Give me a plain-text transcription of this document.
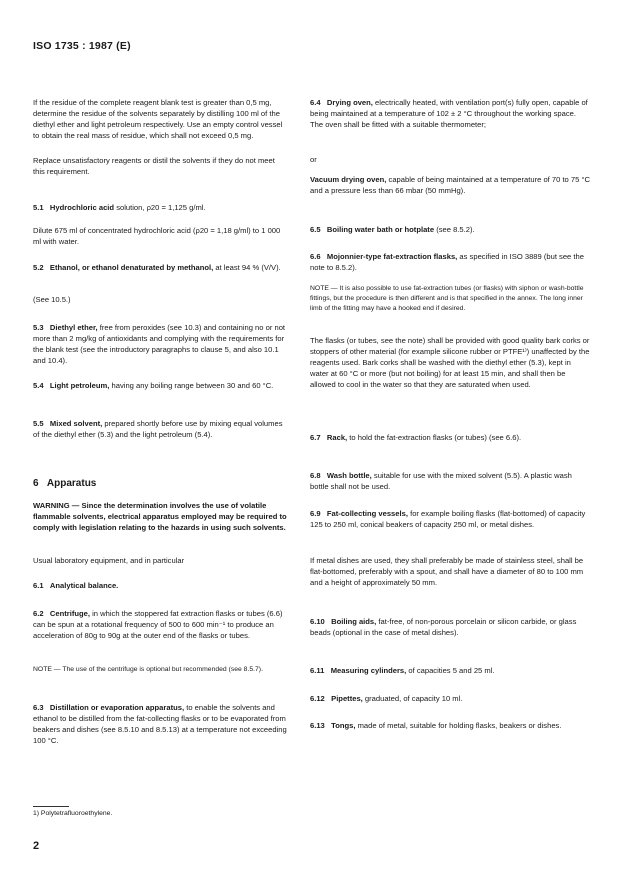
ISO 1735 : 1987 (E)

If the residue of the complete reagent blank test is greater than 0,5 mg, determine the residue of the solvents separately by distilling 100 ml of the diethyl ether and light petroleum respectively. Use an empty control vessel to obtain the real mass of residue, which shall not exceed 0,5 mg.

Replace unsatisfactory reagents or distil the solvents if they do not meet this requirement.

5.1 Hydrochloric acid solution, ρ20 = 1,125 g/ml.

Dilute 675 ml of concentrated hydrochloric acid (ρ20 = 1,18 g/ml) to 1 000 ml with water.

5.2 Ethanol, or ethanol denaturated by methanol, at least 94 % (V/V).

(See 10.5.)

5.3 Diethyl ether, free from peroxides (see 10.3) and containing no or not more than 2 mg/kg of antioxidants and complying with the requirements for the blank test (see the introductory paragraphs to clause 5, and also 10.1 and 10.4).

5.4 Light petroleum, having any boiling range between 30 and 60 °C.

5.5 Mixed solvent, prepared shortly before use by mixing equal volumes of the diethyl ether (5.3) and the light petroleum (5.4).

6 Apparatus

WARNING — Since the determination involves the use of volatile flammable solvents, electrical apparatus employed may be required to comply with legislation relating to the hazards in using such solvents.

Usual laboratory equipment, and in particular

6.1 Analytical balance.

6.2 Centrifuge, in which the stoppered fat extraction flasks or tubes (6.6) can be spun at a rotational frequency of 500 to 600 min⁻¹ to produce an acceleration of 80g to 90g at the outer end of the flasks or tubes.

NOTE — The use of the centrifuge is optional but recommended (see 8.5.7).

6.3 Distillation or evaporation apparatus, to enable the solvents and ethanol to be distilled from the fat-collecting flasks or to be evaporated from beakers and dishes (see 8.5.10 and 8.5.13) at a temperature not exceeding 100 °C.

6.4 Drying oven, electrically heated, with ventilation port(s) fully open, capable of being maintained at a temperature of 102 ± 2 °C throughout the working space. The oven shall be fitted with a suitable thermometer;

or

Vacuum drying oven, capable of being maintained at a temperature of 70 to 75 °C and a pressure less than 66 mbar (50 mmHg).

6.5 Boiling water bath or hotplate (see 8.5.2).

6.6 Mojonnier-type fat-extraction flasks, as specified in ISO 3889 (but see the note to 8.5.2).

NOTE — It is also possible to use fat-extraction tubes (or flasks) with siphon or wash-bottle fittings, but the procedure is then different and is that specified in the annex. The long inner limb of the fitting may have a hooked end if desired.

The flasks (or tubes, see the note) shall be provided with good quality bark corks or stoppers of other material (for example silicone rubber or PTFE¹⁾) unaffected by the reagents used. Bark corks shall be washed with the diethyl ether (5.3), kept in water at 60 °C or more (but not boiling) for at least 15 min, and shall then be allowed to cool in the water so that they are saturated when used.

6.7 Rack, to hold the fat-extraction flasks (or tubes) (see 6.6).

6.8 Wash bottle, suitable for use with the mixed solvent (5.5). A plastic wash bottle shall not be used.

6.9 Fat-collecting vessels, for example boiling flasks (flat-bottomed) of capacity 125 to 250 ml, conical beakers of capacity 250 ml, or metal dishes.

If metal dishes are used, they shall preferably be made of stainless steel, shall be flat-bottomed, preferably with a spout, and shall have a diameter of 80 to 100 mm and a height of approximately 50 mm.

6.10 Boiling aids, fat-free, of non-porous porcelain or silicon carbide, or glass beads (optional in the case of metal dishes).

6.11 Measuring cylinders, of capacities 5 and 25 ml.

6.12 Pipettes, graduated, of capacity 10 ml.

6.13 Tongs, made of metal, suitable for holding flasks, beakers or dishes.

1) Polytetrafluoroethylene.
2
